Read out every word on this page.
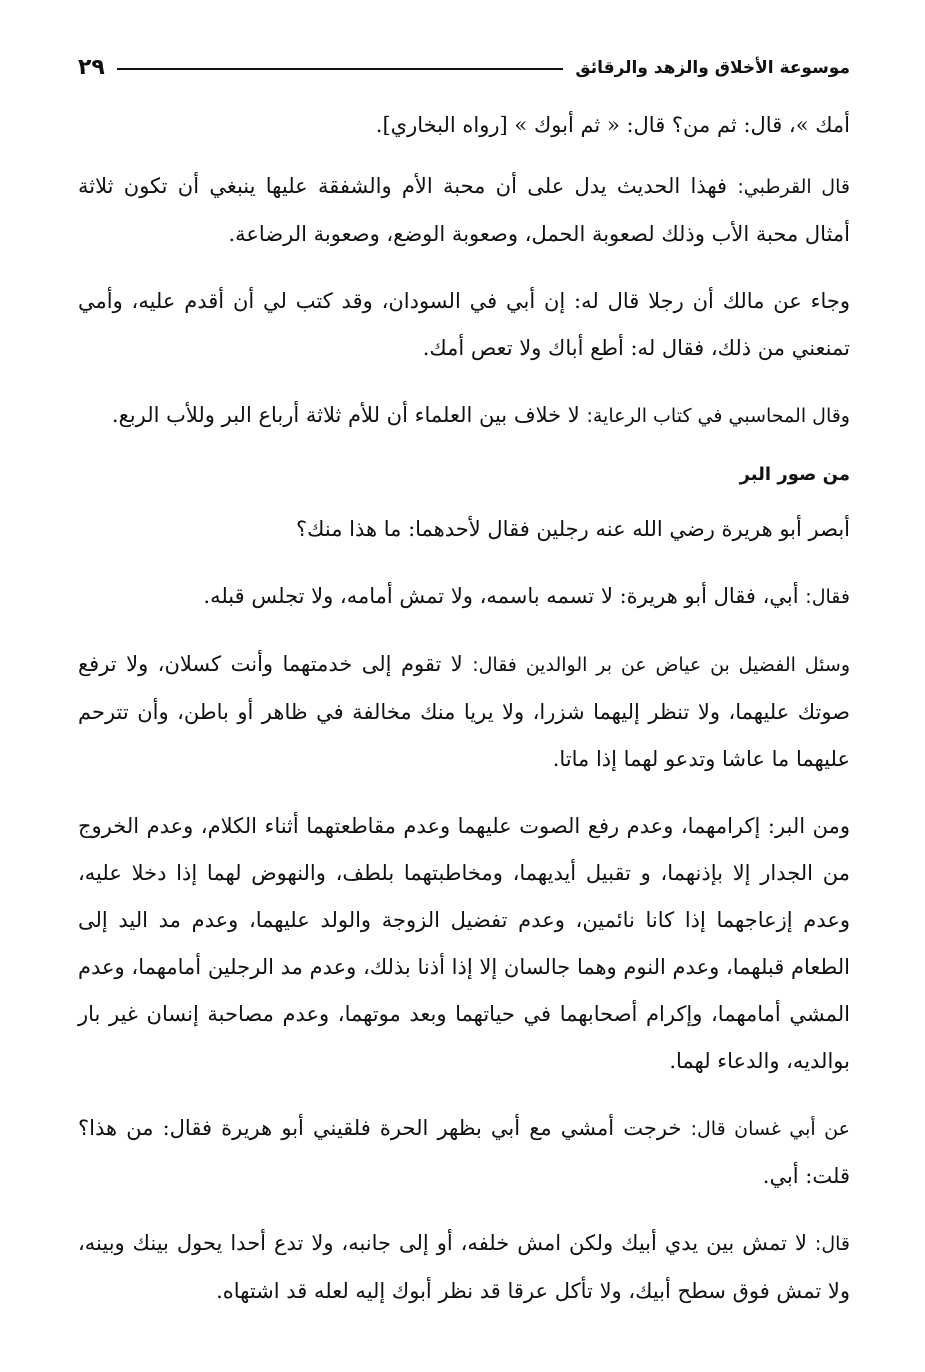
موسوعة الأخلاق والزهد والرقائق
٢٩

أمك »، قال: ثم من؟ قال: « ثم أبوك » [رواه البخاري].

قال القرطبي: فهذا الحديث يدل على أن محبة الأم والشفقة عليها ينبغي أن تكون ثلاثة أمثال محبة الأب وذلك لصعوبة الحمل، وصعوبة الوضع، وصعوبة الرضاعة.

وجاء عن مالك أن رجلا قال له: إن أبي في السودان، وقد كتب لي أن أقدم عليه، وأمي تمنعني من ذلك، فقال له: أطع أباك ولا تعص أمك.

وقال المحاسبي في كتاب الرعاية: لا خلاف بين العلماء أن للأم ثلاثة أرباع البر وللأب الربع.

من صور البر

أبصر أبو هريرة رضي الله عنه رجلين فقال لأحدهما: ما هذا منك؟

فقال: أبي، فقال أبو هريرة: لا تسمه باسمه، ولا تمش أمامه، ولا تجلس قبله.

وسئل الفضيل بن عياض عن بر الوالدين فقال: لا تقوم إلى خدمتهما وأنت كسلان، ولا ترفع صوتك عليهما، ولا تنظر إليهما شزرا، ولا يريا منك مخالفة في ظاهر أو باطن، وأن تترحم عليهما ما عاشا وتدعو لهما إذا ماتا.

ومن البر: إكرامهما، وعدم رفع الصوت عليهما وعدم مقاطعتهما أثناء الكلام، وعدم الخروج من الجدار إلا بإذنهما، و تقبيل أيديهما، ومخاطبتهما بلطف، والنهوض لهما إذا دخلا عليه، وعدم إزعاجهما إذا كانا نائمين، وعدم تفضيل الزوجة والولد عليهما، وعدم مد اليد إلى الطعام قبلهما، وعدم النوم وهما جالسان إلا إذا أذنا بذلك، وعدم مد الرجلين أمامهما، وعدم المشي أمامهما، وإكرام أصحابهما في حياتهما وبعد موتهما، وعدم مصاحبة إنسان غير بار بوالديه، والدعاء لهما.

عن أبي غسان قال: خرجت أمشي مع أبي بظهر الحرة فلقيني أبو هريرة فقال: من هذا؟ قلت: أبي.

قال: لا تمش بين يدي أبيك ولكن امش خلفه، أو إلى جانبه، ولا تدع أحدا يحول بينك وبينه، ولا تمش فوق سطح أبيك، ولا تأكل عرقا قد نظر أبوك إليه لعله قد اشتهاه.
